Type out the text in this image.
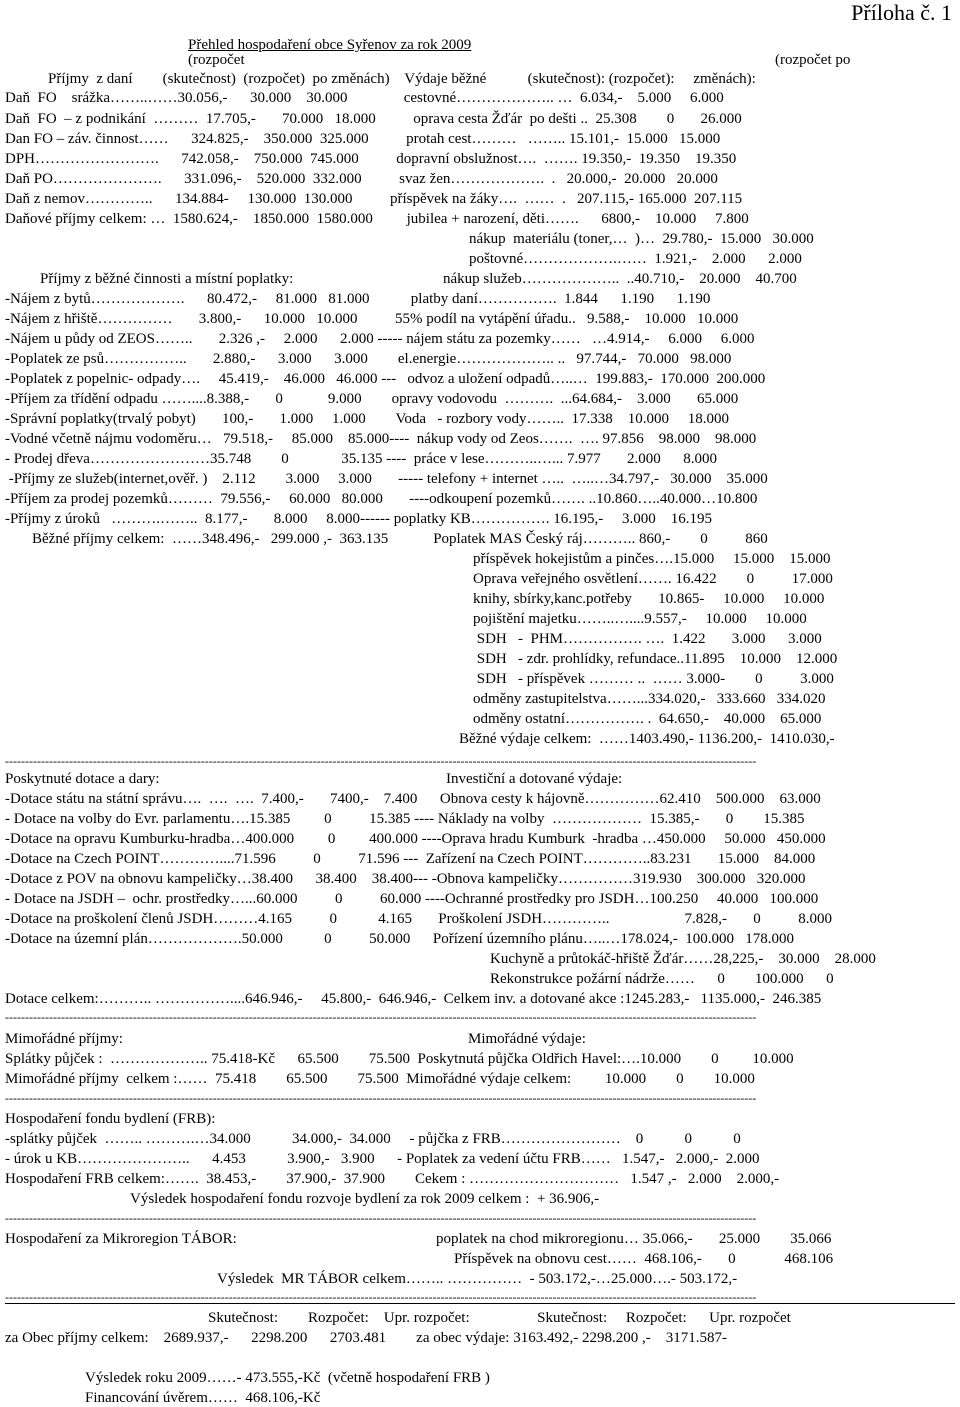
Příloha č. 1
Přehled hospodaření obce Syřenov za rok 2009
(rozpočet	(rozpočet po
Příjmy  z daní        (skutečnost)  (rozpočet)  po změnách)    Výdaje běžné           (skutečnost): (rozpočet):     změnách):
Daň  FO    srážka……..……30.056,-      30.000    30.000               cestovné……………….. …  6.034,-    5.000     6.000
Daň  FO  – z podnikání  ………  17.705,-       70.000   18.000          oprava cesta Žďár  po dešti ..  25.308        0       26.000
Dan FO – záv. činnost……      324.825,-    350.000  325.000          protah cest………   …….. 15.101,-  15.000   15.000
DPH…………………….      742.058,-    750.000  745.000          dopravní obslužnost….  ……. 19.350,-  19.350    19.350
Daň PO………………….      331.096,-    520.000  332.000          svaz žen……………….  .   20.000,-  20.000   20.000
Daň z nemov…………..      134.884-     130.000  130.000          příspěvek na žáky….  ……  .   207.115,- 165.000  207.115
Daňové příjmy celkem: …  1580.624,-    1850.000  1580.000         jubilea + narození, děti…….      6800,-    10.000     7.800
nákup  materiálu (toner,…  )…  29.780,-  15.000   30.000
poštovné……………….……  1.921,-    2.000      2.000
Příjmy z běžné činnosti a místní poplatky:	nákup služeb………………..  ..40.710,-    20.000    40.700
-Nájem z bytů……………….      80.472,-     81.000   81.000           platby daní…………….  1.844      1.190      1.190
-Nájem z hřiště……………       3.800,-      10.000   10.000          55% podíl na vytápění úřadu..   9.588,-    10.000   10.000
-Nájem u půdy od ZEOS……..       2.326 ,-     2.000      2.000 ----- nájem státu za pozemky……   …4.914,-     6.000     6.000
-Poplatek ze psů……………..       2.880,-      3.000      3.000        el.energie……………….. ..   97.744,-   70.000   98.000
-Poplatek z popelnic- odpady….     45.419,-    46.000   46.000 ---   odvoz a uložení odpadů…..…  199.883,-  170.000  200.000
-Příjem za třídění odpadu ……....8.388,-       0            9.000        opravy vodovodu  ……….  ...64.684,-    3.000       65.000
-Správní poplatky(trvalý pobyt)       100,-       1.000     1.000        Voda   - rozbory vody……..  17.338    10.000     18.000
-Vodné včetně nájmu vodoměru…   79.518,-     85.000    85.000----  nákup vody od Zeos…….  …. 97.856    98.000    98.000
- Prodej dřeva……………………35.748        0              35.135 ----  práce v lese………..…... 7.977       2.000      8.000
-Příjmy ze služeb(internet,ověř. )    2.112        3.000     3.000       ----- telefony + internet …..  …..…34.797,-   30.000    35.000
-Příjem za prodej pozemků………  79.556,-     60.000   80.000       ----odkoupení pozemků……. ..10.860…..40.000…10.800
-Příjmy z úroků   ……….……..  8.177,-       8.000     8.000------ poplatky KB……………. 16.195,-     3.000    16.195
Běžné příjmy celkem:  ……348.496,-   299.000 ,-  363.135            Poplatek MAS Český ráj……….. 860,-        0          860
příspěvek hokejistům a pinčes….15.000     15.000    15.000
Oprava veřejného osvětlení……. 16.422        0          17.000
knihy, sbírky,kanc.potřeby       10.865-     10.000     10.000
pojištění majetku……..…....9.557,-     10.000     10.000
SDH   -  PHM……………. ….  1.422       3.000      3.000
SDH   - zdr. prohlídky, refundace..11.895    10.000    12.000
SDH   - příspěvek ……… ..  …… 3.000-        0          3.000
odměny zastupitelstva……...334.020,-   333.660   334.020
odměny ostatní……………. .  64.650,-    40.000    65.000
Běžné výdaje celkem:  ……1403.490,- 1136.200,-  1410.030,-
Poskytnuté dotace a dary:	Investiční a dotované výdaje:
-Dotace státu na státní správu….  ….  ….  7.400,-       7400,-    7.400      Obnova cesty k hájovně……………62.410    500.000    63.000
- Dotace na volby do Evr. parlamentu….15.385         0          15.385 ---- Náklady na volby  ………………  15.385,-       0        15.385
-Dotace na opravu Kumburku-hradba…400.000         0         400.000 ----Oprava hradu Kumburk  -hradba …450.000     50.000   450.000
-Dotace na Czech POINT…………....71.596          0          71.596 ---  Zařízení na Czech POINT…………..83.231       15.000    84.000
-Dotace z POV na obnovu kampeličky…38.400      38.400    38.400--- -Obnova kampeličky……………319.930    300.000   320.000
- Dotace na JSDH –  ochr. prostředky…...60.000          0          60.000 ----Ochranné prostředky pro JSDH…100.250     40.000   100.000
-Dotace na proškolení členů JSDH………4.165          0           4.165       Proškolení JSDH…………..                    7.828,-       0          8.000
-Dotace na územní plán……………….50.000           0          50.000      Pořízení územního plánu…..…178.024,-  100.000   178.000
Kuchyně a průtokáč-hřiště Žďár……28,225,-    30.000    28.000
Rekonstrukce požární nádrže……      0        100.000      0
Dotace celkem:……….. ……………....646.946,-     45.800,-  646.946,-  Celkem inv. a dotované akce :1245.283,-   1135.000,-  246.385
Mimořádné příjmy:	Mimořádné výdaje:
Splátky půjček :  ……………….. 75.418-Kč      65.500        75.500  Poskytnutá půjčka Oldřich Havel:….10.000        0         10.000
Mimořádné příjmy  celkem :……  75.418        65.500        75.500  Mimořádné výdaje celkem:         10.000        0        10.000
Hospodaření fondu bydlení (FRB):
-splátky půjček  …….. ……….…34.000           34.000,-  34.000     - půjčka z FRB……………………    0           0           0
- úrok u KB…………………..      4.453           3.900,-   3.900      - Poplatek za vedení účtu FRB……   1.547,-   2.000,-  2.000
Hospodaření FRB celkem:…….  38.453,-        37.900,-  37.900        Cekem : …………………………   1.547 ,-   2.000    2.000,-
Výsledek hospodaření fondu rozvoje bydlení za rok 2009 celkem :  + 36.906,-
Hospodaření za Mikroregion TÁBOR:	poplatek na chod mikroregionu… 35.066,-       25.000        35.066
Příspěvek na obnovu cest……  468.106,-       0             468.106
Výsledek  MR TÁBOR celkem…….. ……………  - 503.172,-…25.000….- 503.172,-
Skutečnost:        Rozpočet:    Upr. rozpočet:                  Skutečnost:     Rozpočet:      Upr. rozpočet
za Obec příjmy celkem:    2689.937,-      2298.200      2703.481        za obec výdaje: 3163.492,- 2298.200 ,-    3171.587-
Výsledek roku 2009……- 473.555,-Kč  (včetně hospodaření FRB )
Financování úvěrem……  468.106,-Kč
--------------------------------------------------------------------------------------------------------------------------------------------------------------------------------------------
--------------------------------------------------------------------------------------------------------------------------------------------------------------------------------------------
--------------------------------------------------------------------------------------------------------------------------------------------------------------------------------------------
--------------------------------------------------------------------------------------------------------------------------------------------------------------------------------------------
--------------------------------------------------------------------------------------------------------------------------------------------------------------------------------------------
